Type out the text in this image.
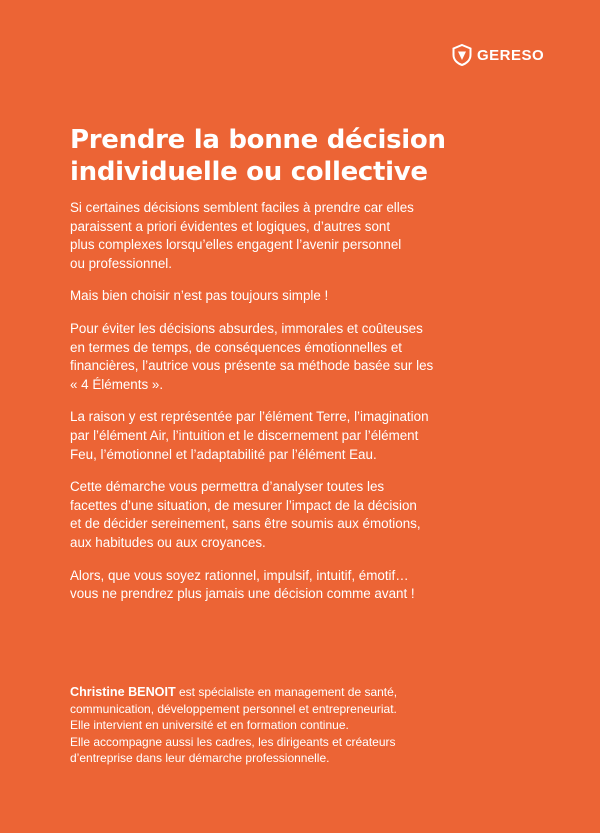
GERESO
Prendre la bonne décision
individuelle ou collective

Si certaines décisions semblent faciles à prendre car elles
paraissent a priori évidentes et logiques, d’autres sont
plus complexes lorsqu’elles engagent l’avenir personnel
ou professionnel.

Mais bien choisir n’est pas toujours simple !

Pour éviter les décisions absurdes, immorales et coûteuses
en termes de temps, de conséquences émotionnelles et
financières, l’autrice vous présente sa méthode basée sur les
« 4 Éléments ».

La raison y est représentée par l’élément Terre, l’imagination
par l’élément Air, l’intuition et le discernement par l’élément
Feu, l’émotionnel et l’adaptabilité par l’élément Eau.

Cette démarche vous permettra d’analyser toutes les
facettes d’une situation, de mesurer l’impact de la décision
et de décider sereinement, sans être soumis aux émotions,
aux habitudes ou aux croyances.

Alors, que vous soyez rationnel, impulsif, intuitif, émotif…
vous ne prendrez plus jamais une décision comme avant !

Christine BENOIT est spécialiste en management de santé,
communication, développement personnel et entrepreneuriat.
Elle intervient en université et en formation continue.
Elle accompagne aussi les cadres, les dirigeants et créateurs
d’entreprise dans leur démarche professionnelle.
